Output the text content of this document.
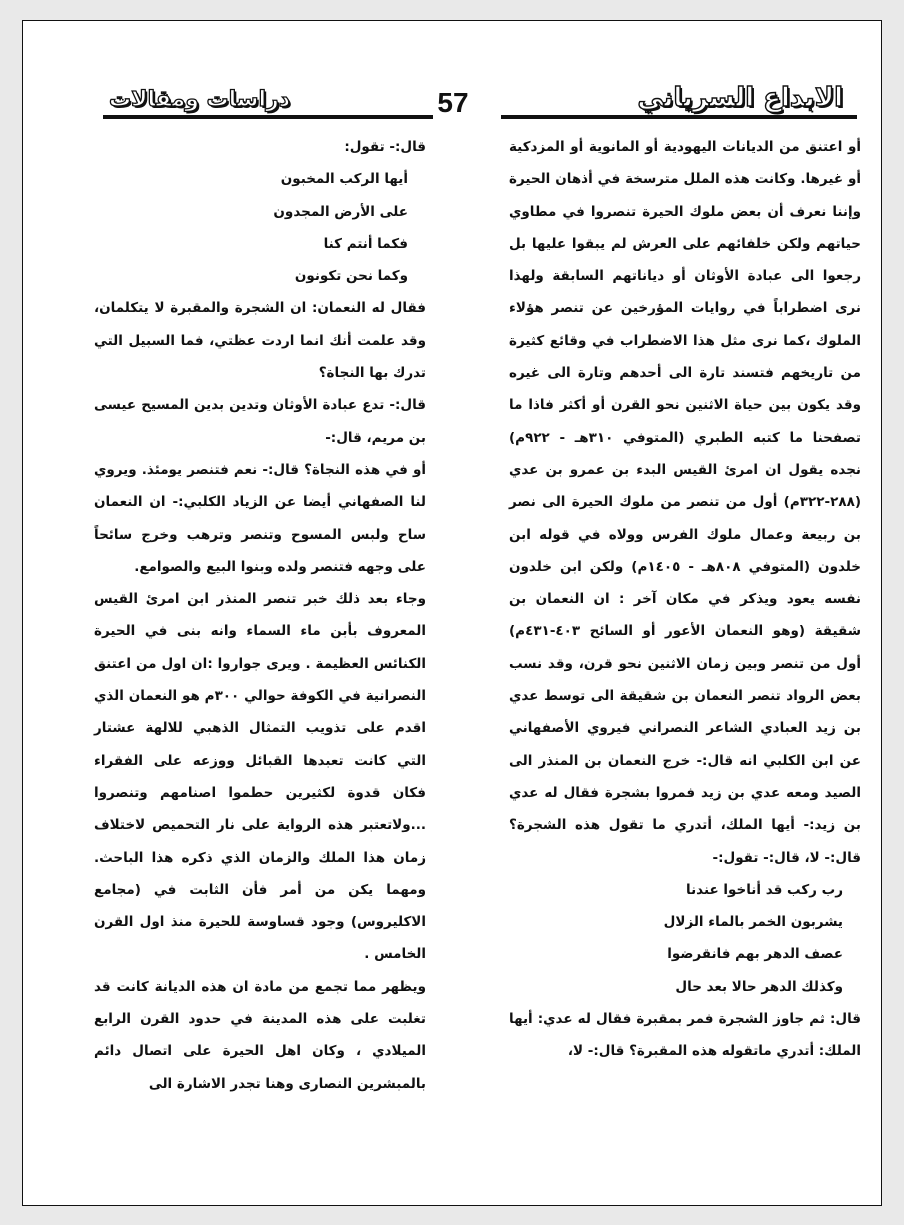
الابداع السرياني
57
دراسات ومقالات

أو اعتنق من الديانات اليهودية أو المانوية أو المزدكية أو غيرها. وكانت هذه الملل مترسخة في أذهان الحيرة وإننا نعرف أن بعض ملوك الحيرة تنصروا في مطاوي حياتهم ولكن خلفائهم على العرش لم يبقوا عليها بل رجعوا الى عبادة الأوثان أو دياناتهم السابقة ولهذا نرى اضطراباً في روايات المؤرخين عن تنصر هؤلاء الملوك ،كما نرى مثل هذا الاضطراب في وقائع كثيرة من تاريخهم فتسند تارة الى أحدهم وتارة الى غيره وقد يكون بين حياة الاثنين نحو القرن أو أكثر فاذا ما تصفحنا ما كتبه الطبري (المتوفي ٣١٠هـ - ٩٢٢م) نجده يقول ان امرئ القيس البدء بن عمرو بن عدي (٢٨٨-٣٢٢م) أول من تنصر من ملوك الحيرة الى نصر بن ربيعة وعمال ملوك الفرس وولاه في قوله ابن خلدون (المتوفي ٨٠٨هـ - ١٤٠٥م) ولكن ابن خلدون نفسه يعود ويذكر في مكان آخر : ان النعمان بن شقيقة (وهو النعمان الأعور أو السائح ٤٠٣-٤٣١م) أول من تنصر وبين زمان الاثنين نحو قرن، وقد نسب بعض الرواد تنصر النعمان بن شقيقة الى توسط عدي بن زيد العبادي الشاعر النصراني فيروي الأصفهاني عن ابن الكلبي انه قال:- خرج النعمان بن المنذر الى الصيد ومعه عدي بن زيد فمروا بشجرة فقال له عدي بن زيد:- أيها الملك، أتدري ما تقول هذه الشجرة؟ قال:- لا، قال:- تقول:-

رب ركب قد أناخوا عندنا

يشربون الخمر بالماء الزلال

عصف الدهر بهم فانقرضوا

وكذلك الدهر حالا بعد حال

قال: ثم جاوز الشجرة فمر بمقبرة فقال له عدي: أيها الملك: أتدري ماتقوله هذه المقبرة؟ قال:- لا،

قال:- تقول:

أيها الركب المخبون

على الأرض المجدون

فكما أنتم كنا

وكما نحن تكونون

فقال له النعمان: ان الشجرة والمقبرة لا يتكلمان، وقد علمت أنك انما اردت عظتي، فما السبيل التي تدرك بها النجاة؟

قال:- تدع عبادة الأوثان وتدين بدين المسيح عيسى بن مريم، قال:-

أو في هذه النجاة؟ قال:- نعم فتنصر يومئذ. ويروي لنا الصفهاني أيضا عن الزياد الكلبي:- ان النعمان ساح ولبس المسوح وتنصر وترهب وخرج سائحاً على وجهه فتنصر ولده وبنوا البيع والصوامع.

وجاء بعد ذلك خبر تنصر المنذر ابن امرئ القيس المعروف بأبن ماء السماء وانه بنى في الحيرة الكنائس العظيمة . ويرى جواروا :ان اول من اعتنق النصرانية في الكوفة حوالي ٣٠٠م هو النعمان الذي اقدم على تذويب التمثال الذهبي للالهة عشتار التي كانت تعبدها القبائل ووزعه على الفقراء فكان قدوة لكثيرين حطموا اصنامهم وتنصروا ...ولاتعتبر هذه الرواية على نار التحميص لاختلاف زمان هذا الملك والزمان الذي ذكره هذا الباحث. ومهما يكن من أمر فأن الثابت في (مجامع الاكليروس) وجود قساوسة للحيرة منذ اول القرن الخامس .

ويظهر مما تجمع من مادة ان هذه الديانة كانت قد تغلبت على هذه المدينة في حدود القرن الرابع الميلادي ، وكان اهل الحيرة على اتصال دائم بالمبشرين النصارى وهنا تجدر الاشارة الى
